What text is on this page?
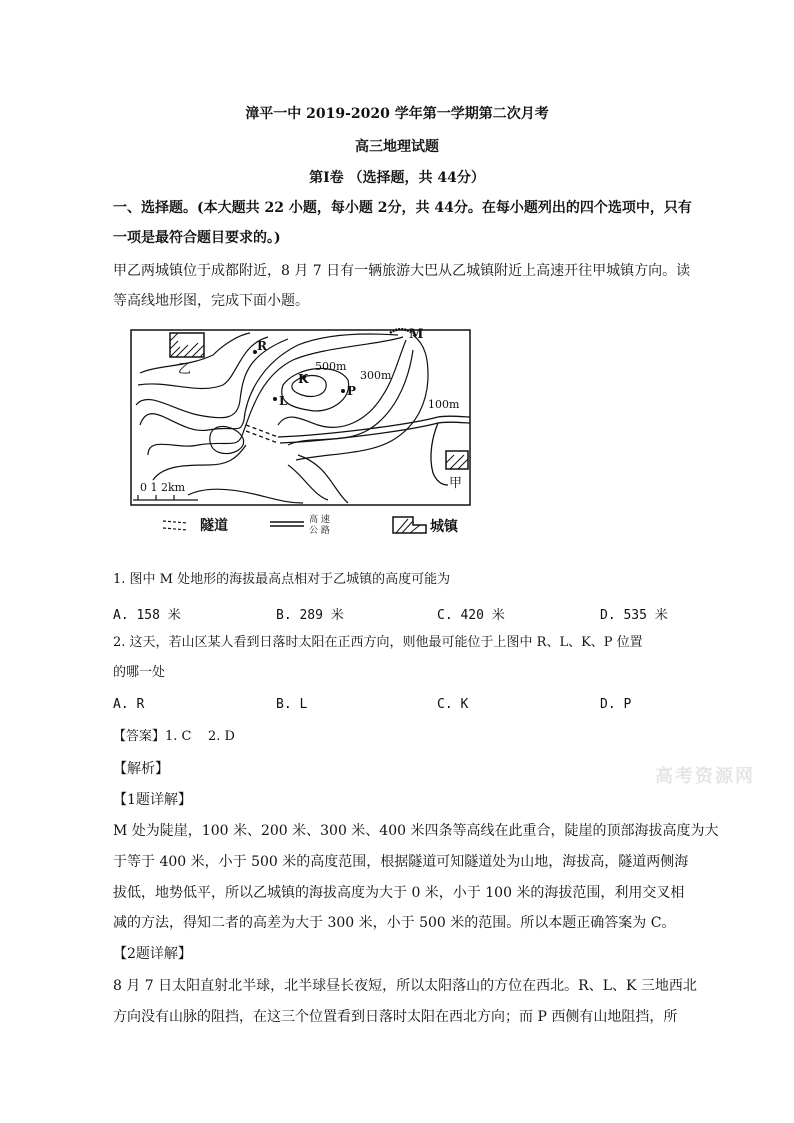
漳平一中 2019-2020 学年第一学期第二次月考
高三地理试题
第Ⅰ卷 （选择题，共 44分）
一、选择题。(本大题共 22 小题，每小题 2分，共 44分。在每小题列出的四个选项中，只有
一项是最符合题目要求的。)
甲乙两城镇位于成都附近，8 月 7 日有一辆旅游大巴从乙城镇附近上高速开往甲城镇方向。读
等高线地形图，完成下面小题。
乙
M
R
K
L
P
500m
300m
100m
甲
0 1 2km
隧道	高 速
公 路	城镇
1. 图中 M 处地形的海拔最高点相对于乙城镇的高度可能为
A. 158 米	B. 289 米	C. 420 米	D. 535 米
2. 这天，若山区某人看到日落时太阳在正西方向，则他最可能位于上图中 R、L、K、P 位置
的哪一处
A. R	B. L	C. K	D. P
【答案】1. C    2. D
【解析】	高考资源网
【1题详解】
M 处为陡崖，100 米、200 米、300 米、400 米四条等高线在此重合，陡崖的顶部海拔高度为大
于等于 400 米，小于 500 米的高度范围，根据隧道可知隧道处为山地，海拔高，隧道两侧海
拔低，地势低平，所以乙城镇的海拔高度为大于 0 米，小于 100 米的海拔范围，利用交叉相
减的方法，得知二者的高差为大于 300 米，小于 500 米的范围。所以本题正确答案为 C。
【2题详解】
8 月 7 日太阳直射北半球，北半球昼长夜短，所以太阳落山的方位在西北。R、L、K 三地西北
方向没有山脉的阻挡，在这三个位置看到日落时太阳在西北方向；而 P 西侧有山地阻挡，所
